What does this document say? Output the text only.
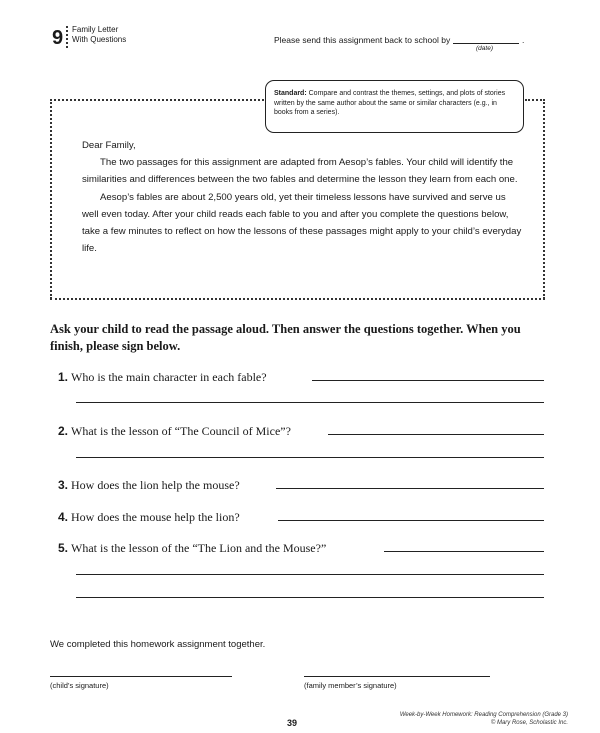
9 Family Letter
With Questions	Please send this assignment back to school by	.
(date)
Standard: Compare and contrast the themes, settings, and plots of stories written by the same author about the same or similar characters (e.g., in books from a series).

Dear Family,

The two passages for this assignment are adapted from Aesop’s fables. Your child will identify the similarities and differences between the two fables and determine the lesson they learn from each one.

Aesop’s fables are about 2,500 years old, yet their timeless lessons have survived and serve us well even today. After your child reads each fable to you and after you complete the questions below, take a few minutes to reflect on how the lessons of these passages might apply to your child’s everyday life.

Ask your child to read the passage aloud. Then answer the questions together. When you finish, please sign below.
1. Who is the main character in each fable?
2. What is the lesson of “The Council of Mice”?
3. How does the lion help the mouse?
4. How does the mouse help the lion?
5. What is the lesson of the “The Lion and the Mouse?”
We completed this homework assignment together.
(child’s signature)	(family member’s signature)
39
Week-by-Week Homework: Reading Comprehension (Grade 3)
© Mary Rose, Scholastic Inc.
